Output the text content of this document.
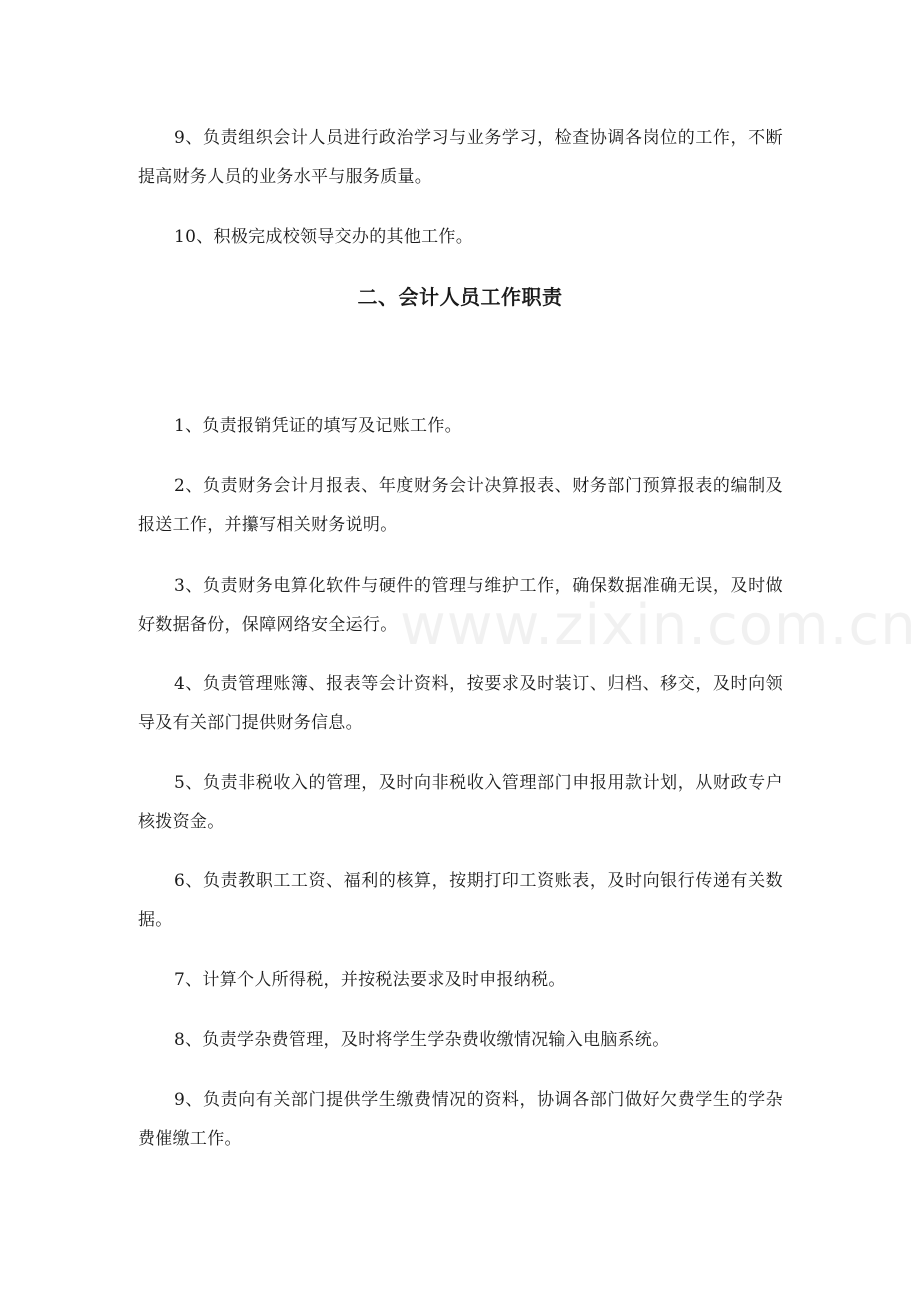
9、负责组织会计人员进行政治学习与业务学习，检查协调各岗位的工作，不断提高财务人员的业务水平与服务质量。

10、积极完成校领导交办的其他工作。

二、会计人员工作职责

1、负责报销凭证的填写及记账工作。

2、负责财务会计月报表、年度财务会计决算报表、财务部门预算报表的编制及报送工作，并攥写相关财务说明。

3、负责财务电算化软件与硬件的管理与维护工作，确保数据准确无误，及时做好数据备份，保障网络安全运行。

4、负责管理账簿、报表等会计资料，按要求及时装订、归档、移交，及时向领导及有关部门提供财务信息。

5、负责非税收入的管理，及时向非税收入管理部门申报用款计划，从财政专户核拨资金。

6、负责教职工工资、福利的核算，按期打印工资账表，及时向银行传递有关数据。

7、计算个人所得税，并按税法要求及时申报纳税。

8、负责学杂费管理，及时将学生学杂费收缴情况输入电脑系统。

9、负责向有关部门提供学生缴费情况的资料，协调各部门做好欠费学生的学杂费催缴工作。

www.zixin.com.cn
